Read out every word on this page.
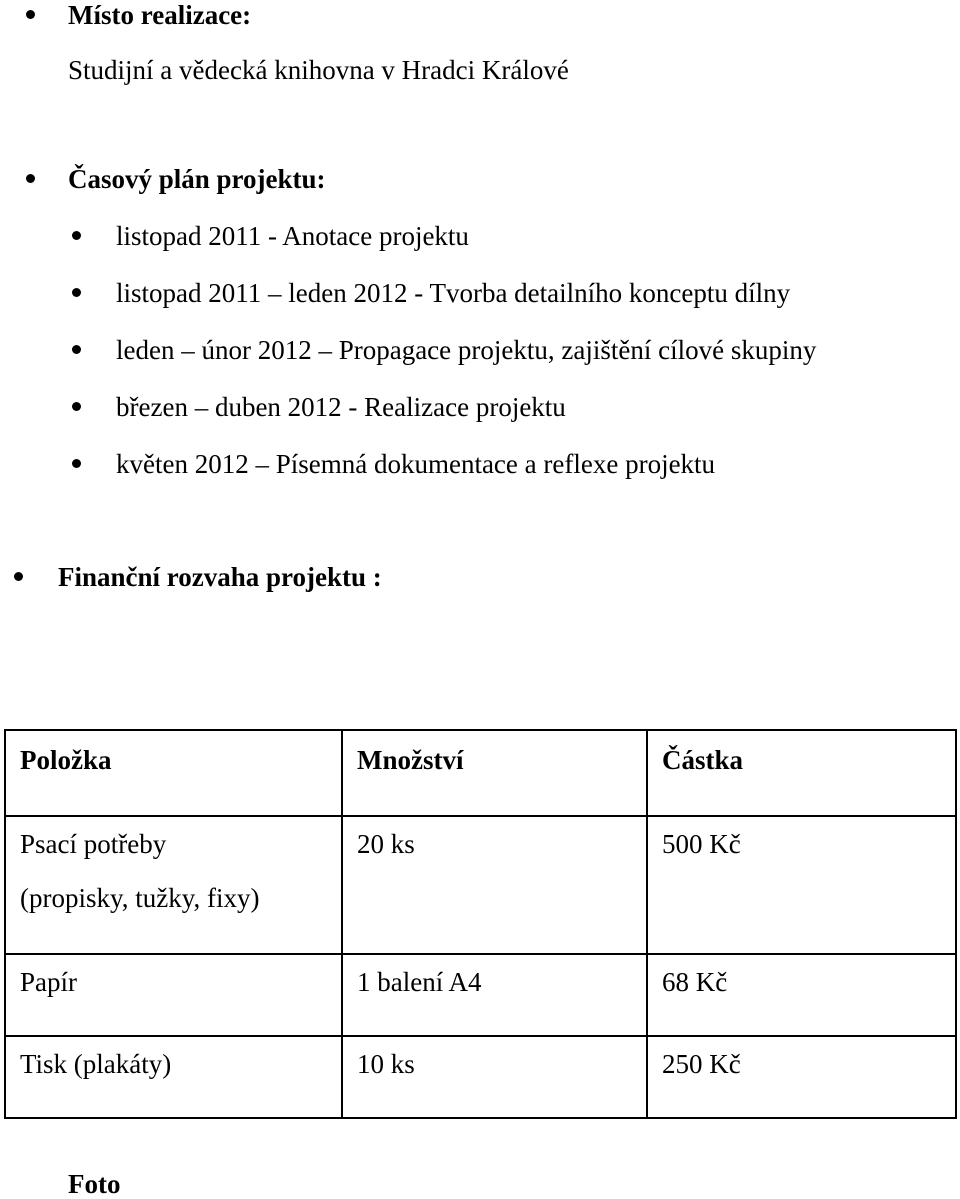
Místo realizace:
Studijní a vědecká knihovna v Hradci Králové
Časový plán projektu:
listopad 2011 - Anotace projektu
listopad 2011 – leden 2012 - Tvorba detailního konceptu dílny
leden – únor 2012 – Propagace projektu, zajištění cílové skupiny
březen – duben 2012 - Realizace projektu
květen 2012 – Písemná dokumentace a reflexe projektu
Finanční rozvaha projektu :
Položka	Množství	Částka

Psací potřeby
(propisky, tužky, fixy)	20 ks	500 Kč

Papír	1 balení A4	68 Kč

Tisk (plakáty)	10 ks	250 Kč
Foto
